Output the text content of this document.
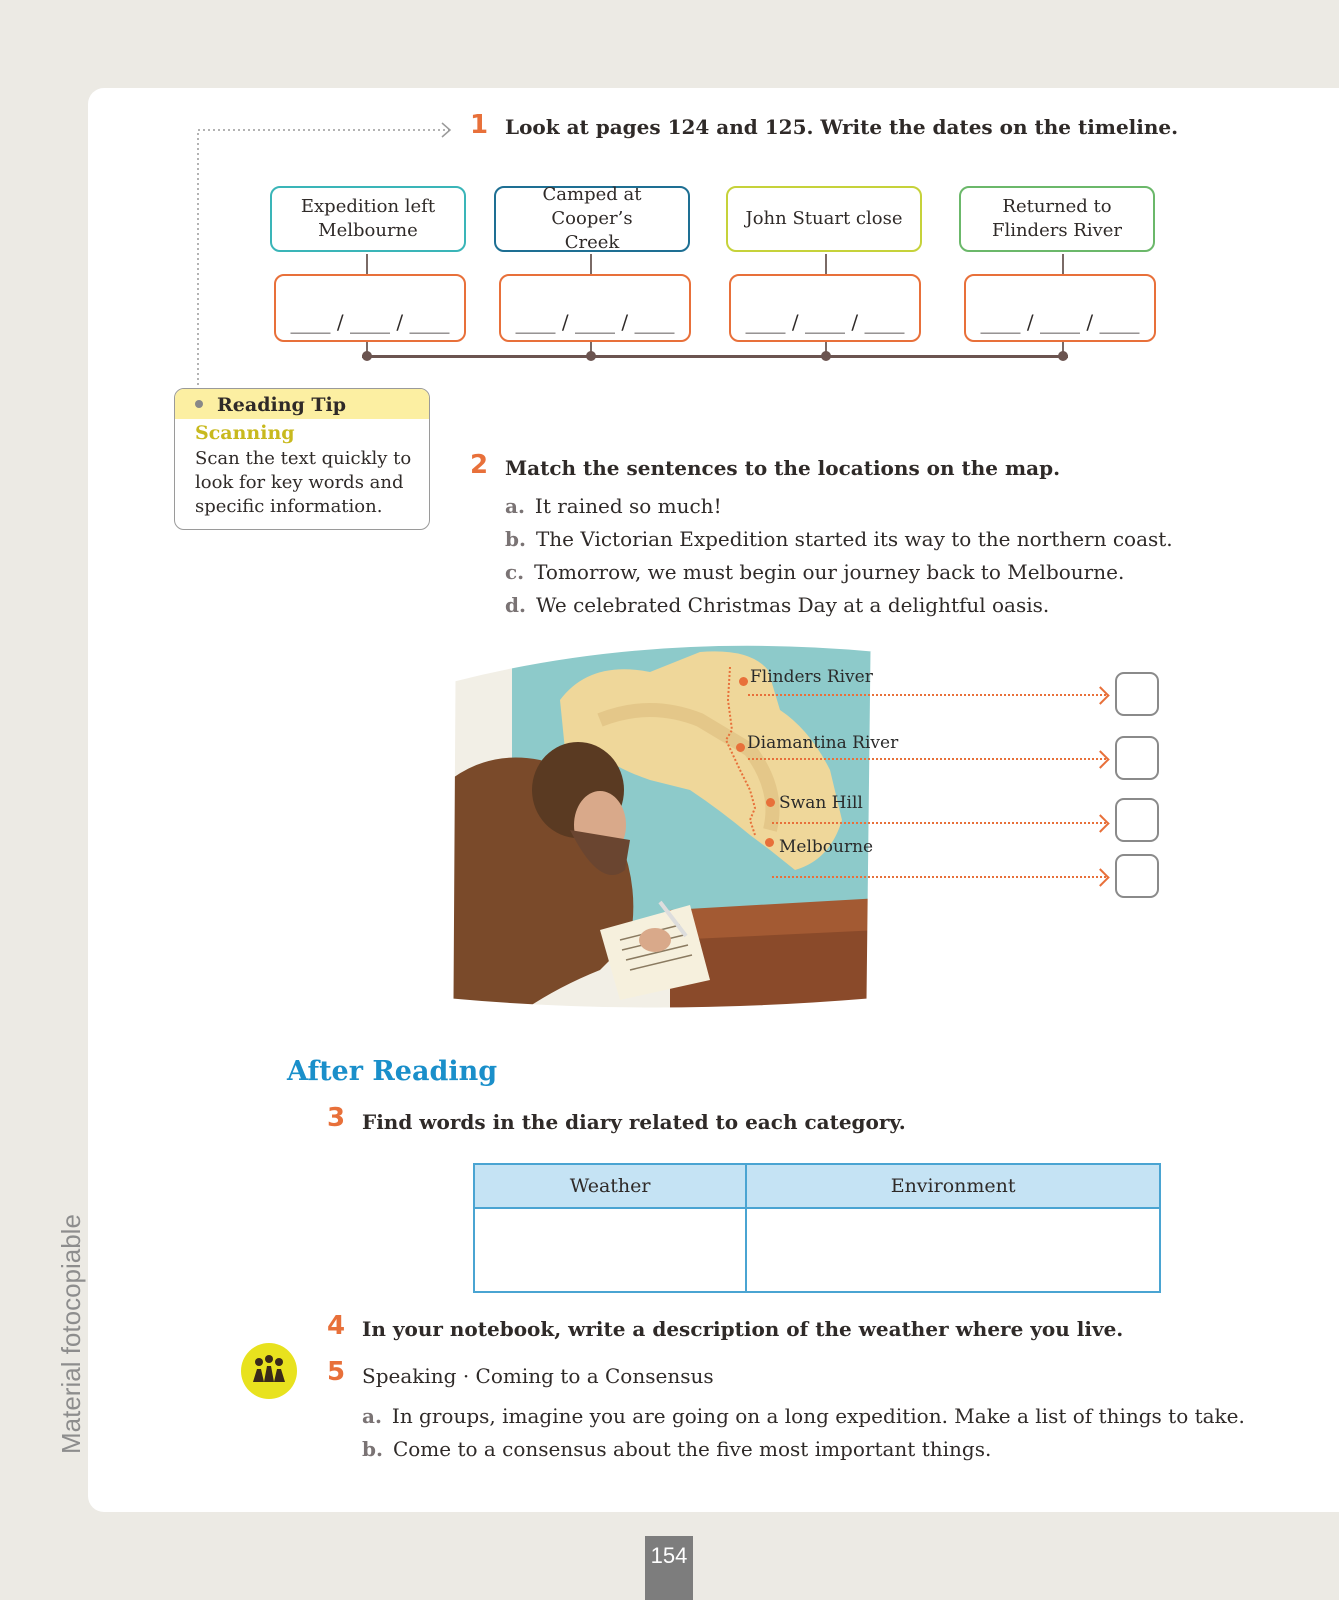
1 Look at pages 124 and 125. Write the dates on the timeline.
Expedition left
Melbourne
Camped at Cooper’s
Creek
John Stuart close
Returned to
Flinders River
____ / ____ / ____	____ / ____ / ____	____ / ____ / ____	____ / ____ / ____
Reading Tip
Scanning
Scan the text quickly to look for key words and specific information.
2 Match the sentences to the locations on the map.
a. It rained so much!
b. The Victorian Expedition started its way to the northern coast.
c. Tomorrow, we must begin our journey back to Melbourne.
d. We celebrated Christmas Day at a delightful oasis.
Flinders River
Diamantina River
Swan Hill
Melbourne
After Reading
3 Find words in the diary related to each category.
Weather	Environment

4 In your notebook, write a description of the weather where you live.
5 Speaking · Coming to a Consensus
a. In groups, imagine you are going on a long expedition. Make a list of things to take.
b. Come to a consensus about the five most important things.
Material fotocopiable
154
